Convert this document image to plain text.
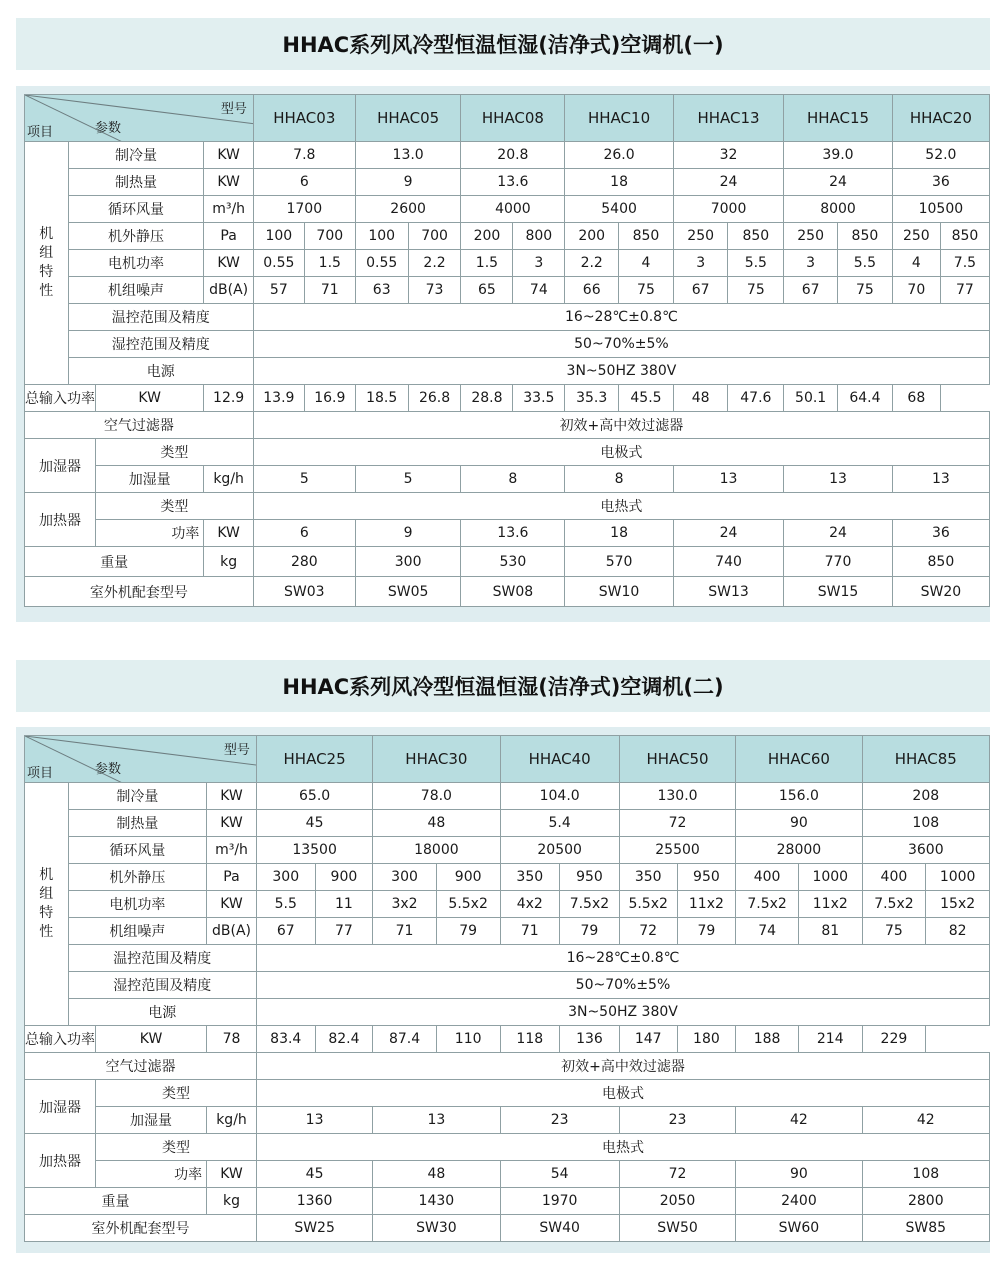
HHAC系列风冷型恒温恒湿(洁净式)空调机(一)
型号
参数
项目				HHAC03		HHAC05		HHAC08		HHAC10		HHAC13		HHAC15		HHAC20	

机
组
特
性	制冷量		KW	7.8		13.0		20.8		26.0		32		39.0		52.0	
	制热量		KW	6		9		13.6		18		24		24		36	
	循环风量		m³/h	1700		2600		4000		5400		7000		8000		10500	
	机外静压		Pa	100	700	100	700	200	800	200	850	250	850	250	850	250	850
	电机功率		KW	0.55	1.5	0.55	2.2	1.5	3	2.2	4	3	5.5	3	5.5	4	7.5
	机组噪声		dB(A)	57	71	63	73	65	74	66	75	67	75	67	75	70	77
	温控范围及精度			16~28℃±0.8℃													
	湿控范围及精度			50~70%±5%													
	电源			3N~50HZ 380V													
总输入功率		KW	12.9	13.9	16.9	18.5	26.8	28.8	33.5	35.3	45.5	48	47.6	50.1	64.4	68	
空气过滤器				初效+高中效过滤器													
加湿器		类型		电极式													
		加湿量	kg/h	5		5		8		8		13		13		13	
加热器		类型		电热式													
		功率	KW	6		9		13.6		18		24		24		36	
重量			kg	280		300		530		570		740		770		850	
室外机配套型号				SW03		SW05		SW08		SW10		SW13		SW15		SW20	
HHAC系列风冷型恒温恒湿(洁净式)空调机(二)
型号
参数
项目				HHAC25		HHAC30		HHAC40		HHAC50		HHAC60		HHAC85	

机
组
特
性	制冷量		KW	65.0		78.0		104.0		130.0		156.0		208	
	制热量		KW	45		48		5.4		72		90		108	
	循环风量		m³/h	13500		18000		20500		25500		28000		3600	
	机外静压		Pa	300	900	300	900	350	950	350	950	400	1000	400	1000
	电机功率		KW	5.5	11	3x2	5.5x2	4x2	7.5x2	5.5x2	11x2	7.5x2	11x2	7.5x2	15x2
	机组噪声		dB(A)	67	77	71	79	71	79	72	79	74	81	75	82
	温控范围及精度			16~28℃±0.8℃											
	湿控范围及精度			50~70%±5%											
	电源			3N~50HZ 380V											
总输入功率		KW	78	83.4	82.4	87.4	110	118	136	147	180	188	214	229	
空气过滤器				初效+高中效过滤器											
加湿器		类型		电极式											
		加湿量	kg/h	13		13		23		23		42		42	
加热器		类型		电热式											
		功率	KW	45		48		54		72		90		108	
重量			kg	1360		1430		1970		2050		2400		2800	
室外机配套型号				SW25		SW30		SW40		SW50		SW60		SW85	
